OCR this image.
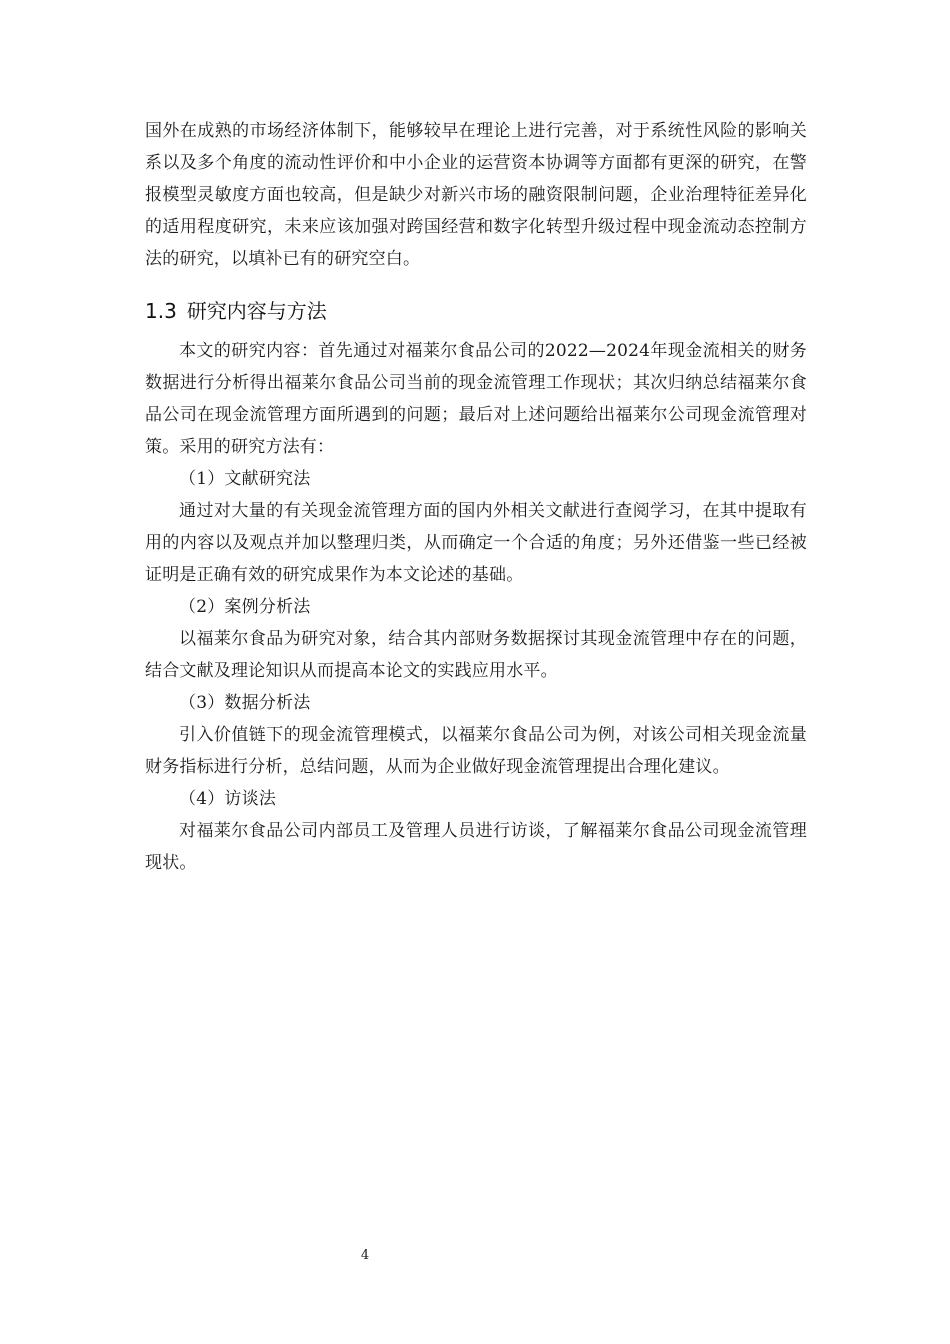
国外在成熟的市场经济体制下，能够较早在理论上进行完善，对于系统性风险的影响关系以及多个角度的流动性评价和中小企业的运营资本协调等方面都有更深的研究，在警报模型灵敏度方面也较高，但是缺少对新兴市场的融资限制问题，企业治理特征差异化的适用程度研究，未来应该加强对跨国经营和数字化转型升级过程中现金流动态控制方法的研究，以填补已有的研究空白。

1.3 研究内容与方法

本文的研究内容：首先通过对福莱尔食品公司的2022—2024年现金流相关的财务数据进行分析得出福莱尔食品公司当前的现金流管理工作现状；其次归纳总结福莱尔食品公司在现金流管理方面所遇到的问题；最后对上述问题给出福莱尔公司现金流管理对策。采用的研究方法有：

（1）文献研究法

通过对大量的有关现金流管理方面的国内外相关文献进行查阅学习，在其中提取有用的内容以及观点并加以整理归类，从而确定一个合适的角度；另外还借鉴一些已经被证明是正确有效的研究成果作为本文论述的基础。

（2）案例分析法

以福莱尔食品为研究对象，结合其内部财务数据探讨其现金流管理中存在的问题，结合文献及理论知识从而提高本论文的实践应用水平。

（3）数据分析法

引入价值链下的现金流管理模式，以福莱尔食品公司为例，对该公司相关现金流量财务指标进行分析，总结问题，从而为企业做好现金流管理提出合理化建议。

（4）访谈法

对福莱尔食品公司内部员工及管理人员进行访谈，了解福莱尔食品公司现金流管理现状。

4
